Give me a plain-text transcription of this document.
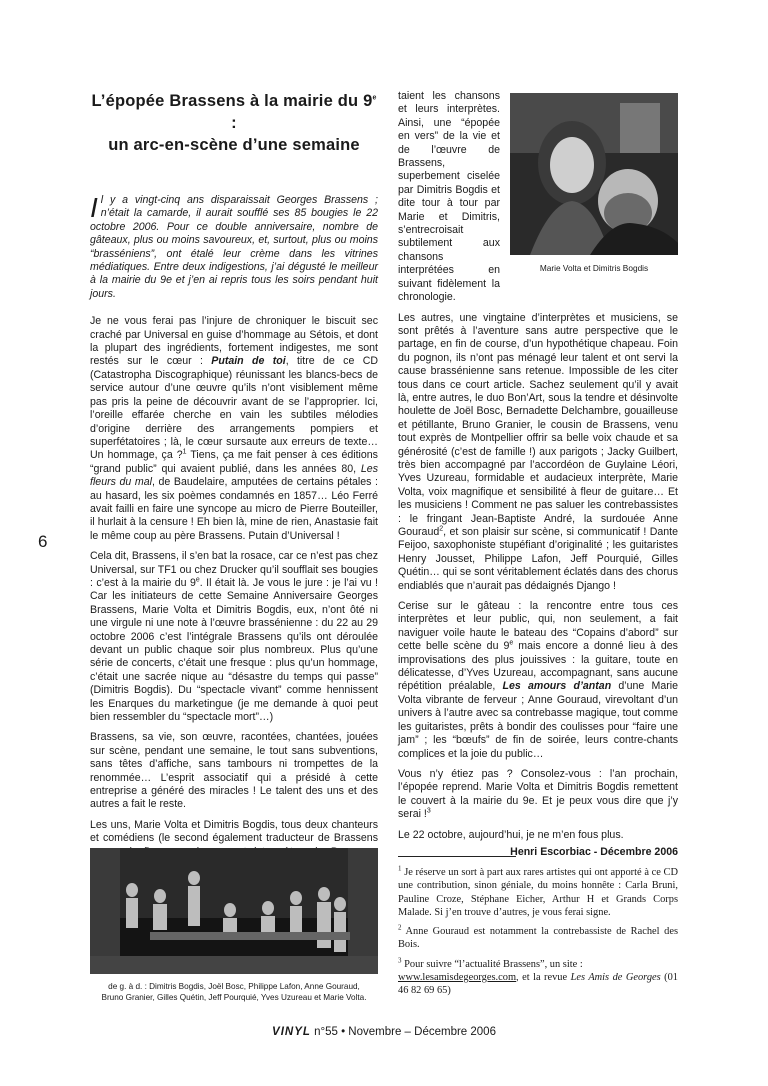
6
L’épopée Brassens à la mairie du 9e :
un arc-en-scène d’une semaine

Il y a vingt-cinq ans disparaissait Georges Brassens ; n’était la camarde, il aurait soufflé ses 85 bougies le 22 octobre 2006. Pour ce double anniversaire, nombre de gâteaux, plus ou moins savoureux, et, surtout, plus ou moins “brasséniens”, ont étalé leur crème dans les vitrines médiatiques. Entre deux indigestions, j’ai dégusté le meilleur à la mairie du 9e et j’en ai repris tous les soirs pendant huit jours.

Je ne vous ferai pas l’injure de chroniquer le biscuit sec craché par Universal en guise d’hommage au Sétois, et dont la plupart des ingrédients, fortement indigestes, me sont restés sur le cœur : Putain de toi, titre de ce CD (Catastropha Discographique) réunissant les blancs-becs de service autour d’une œuvre qu’ils n’ont visiblement même pas pris la peine de découvrir avant de se l’approprier. Ici, l’oreille effarée cherche en vain les subtiles mélodies d’origine derrière des arrangements pompiers et superfétatoires ; là, le cœur sursaute aux erreurs de texte… Un hommage, ça ?$^1$ Tiens, ça me fait penser à ces éditions “grand public” qui avaient publié, dans les années 80, Les fleurs du mal, de Baudelaire, amputées de certains pétales : au hasard, les six poèmes condamnés en 1857… Léo Ferré avait failli en faire une syncope au micro de Pierre Bouteiller, il hurlait à la censure ! Eh bien là, mine de rien, Anastasie fait le même coup au père Brassens. Putain d’Universal !

Cela dit, Brassens, il s’en bat la rosace, car ce n’est pas chez Universal, sur TF1 ou chez Drucker qu’il soufflait ses bougies : c’est à la mairie du 9e. Il était là. Je vous le jure : je l’ai vu ! Car les initiateurs de cette Semaine Anniversaire Georges Brassens, Marie Volta et Dimitris Bogdis, eux, n’ont ôté ni une virgule ni une note à l’œuvre brassénienne : du 22 au 29 octobre 2006 c’est l’intégrale Brassens qu’ils ont déroulée devant un public chaque soir plus nombreux. Plus qu’une série de concerts, c’était une fresque : plus qu’un hommage, c’était une sacrée nique au “désastre du temps qui passe” (Dimitris Bogdis). Du “spectacle vivant” comme hennissent les Enarques du marketingue (je me demande à quoi peut bien ressembler du “spectacle mort”…)

Brassens, sa vie, son œuvre, racontées, chantées, jouées sur scène, pendant une semaine, le tout sans subventions, sans têtes d’affiche, sans tambours ni trompettes de la renommée… L’esprit associatif qui a présidé à cette entreprise a généré des miracles ! Le talent des uns et des autres a fait le reste.

Les uns, Marie Volta et Dimitris Bogdis, tous deux chanteurs et comédiens (le second également traducteur de Brassens

Marie Volta et Dimitris Bogdis

taient les chansons et leurs interprètes. Ainsi, une “épopée en vers” de la vie et de l’œuvre de Brassens, superbement ciselée par Dimitris Bogdis et dite tour à tour par Marie et Dimitris, s’entrecroisait subtilement aux chansons interprétées en suivant fidèlement la chronologie.

Les autres, une vingtaine d’interprètes et musiciens, se sont prêtés à l’aventure sans autre perspective que le partage, en fin de course, d’un hypothétique chapeau. Foin du pognon, ils n’ont pas ménagé leur talent et ont servi la cause brassénienne sans retenue. Impossible de les citer tous dans ce court article. Sachez seulement qu’il y avait là, entre autres, le duo Bon’Art, sous la tendre et désinvolte houlette de Joël Bosc, Bernadette Delchambre, gouailleuse et pétillante, Bruno Granier, le cousin de Brassens, venu tout exprès de Montpellier offrir sa belle voix chaude et sa générosité (c’est de famille !) aux parigots ; Jacky Guilbert, très bien accompagné par l’accordéon de Guylaine Léori, Yves Uzureau, formidable et audacieux interprète, Marie Volta, voix magnifique et sensibilité à fleur de guitare… Et les musiciens ! Comment ne pas saluer les contrebassistes : le fringant Jean-Baptiste André, la surdouée Anne Gouraud$^2$, et son plaisir sur scène, si communicatif ! Dante Feijoo, saxophoniste stupéfiant d’originalité ; les guitaristes Henry Jousset, Philippe Lafon, Jeff Pourquié, Gilles Quétin… qui se sont véritablement éclatés dans des chorus endiablés que n’aurait pas dédaignés Django !

Cerise sur le gâteau : la rencontre entre tous ces interprètes et leur public, qui, non seulement, a fait naviguer voile haute le bateau des “Copains d’abord” sur cette belle scène du 9e mais encore a donné lieu à des improvisations des plus jouissives : la guitare, toute en délicatesse, d’Yves Uzureau, accompagnant, sans aucune répétition préalable, Les amours d’antan d’une Marie Volta vibrante de ferveur ; Anne Gouraud, virevoltant d’un univers à l’autre avec sa contrebasse magique, tout comme les guitaristes, prêts à bondir des coulisses pour “faire une jam” ; les “bœufs” de fin de soirée, leurs contre-chants complices et la joie du public…

Vous n’y étiez pas ? Consolez-vous : l’an prochain, l’épopée reprend. Marie Volta et Dimitris Bogdis remettent le couvert à la mairie du 9e. Et je peux vous dire que j’y serai !$^3$

Le 22 octobre, aujourd’hui, je ne m’en fous plus.

Henri Escorbiac - Décembre 2006
de g. à d. : Dimitris Bogdis, Joël Bosc, Philippe Lafon, Anne Gouraud,
Bruno Granier, Gilles Quétin, Jeff Pourquié, Yves Uzureau et Marie Volta.

$^1$ Je réserve un sort à part aux rares artistes qui ont apporté à ce CD une contribution, sinon géniale, du moins honnête : Carla Bruni, Pauline Croze, Stéphane Eicher, Arthur H et Grands Corps Malade. Si j’en trouve d’autres, je vous ferai signe.

$^2$ Anne Gouraud est notamment la contrebassiste de Rachel des Bois.

$^3$ Pour suivre “l’actualité Brassens”, un site :
www.lesamisdegeorges.com, et la revue Les Amis de Georges (01 46 82 69 65)

VINYL n°55 • Novembre – Décembre 2006
